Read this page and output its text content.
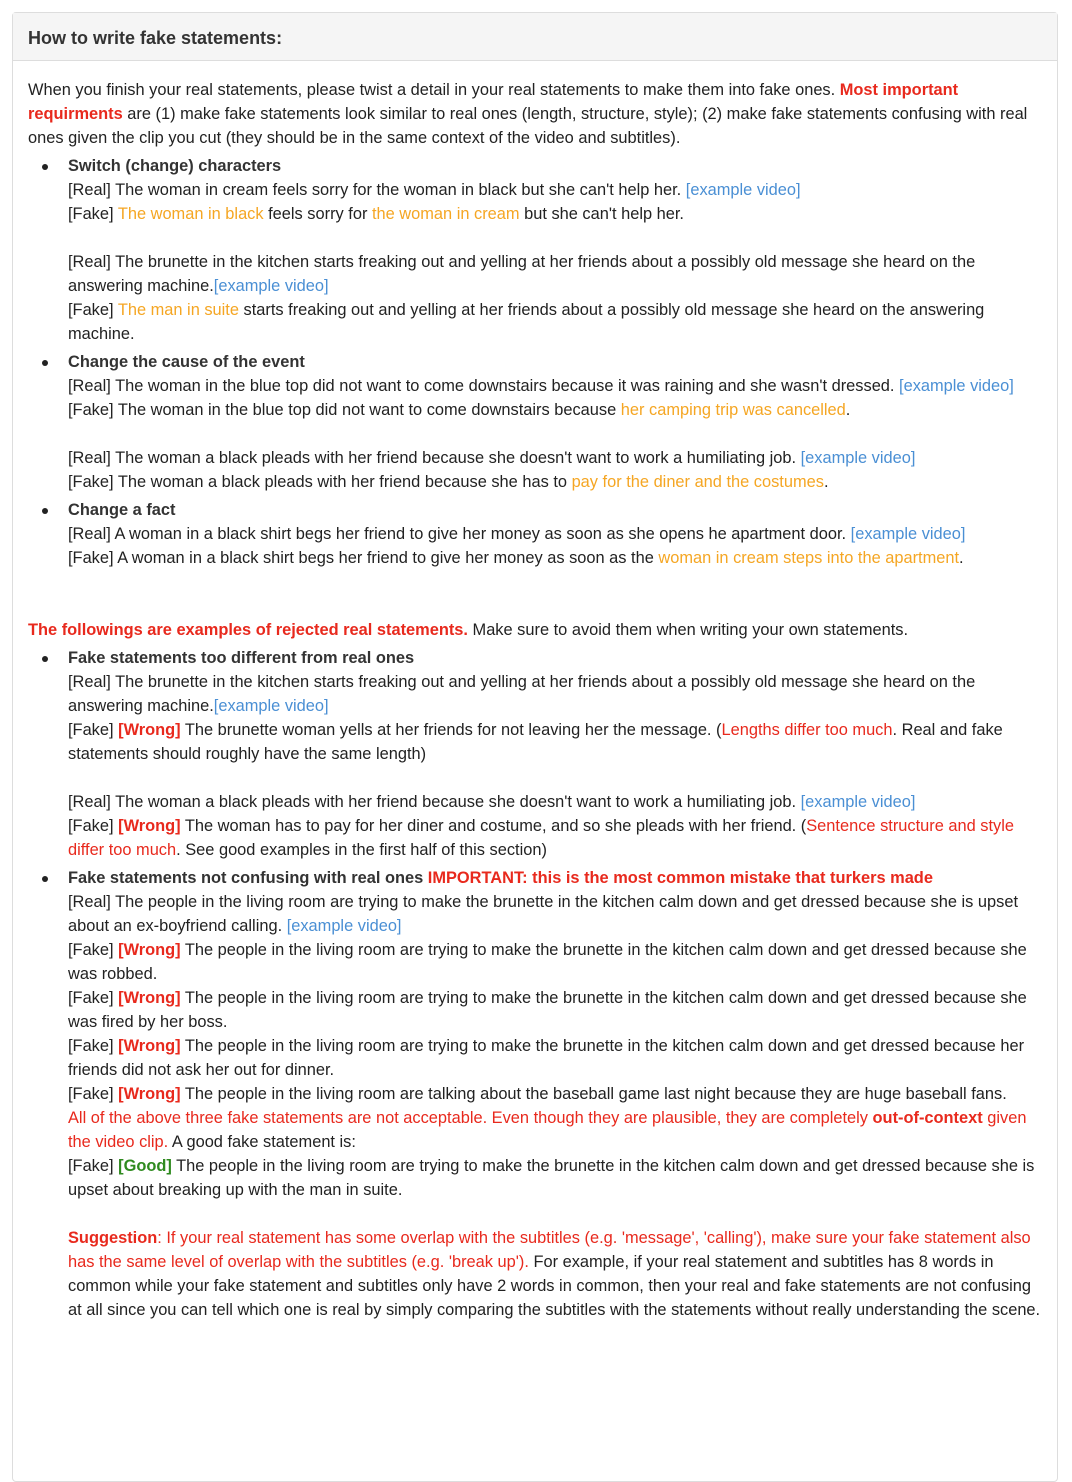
How to write fake statements:

When you finish your real statements, please twist a detail in your real statements to make them into fake ones. Most important requirments are (1) make fake statements look similar to real ones (length, structure, style); (2) make fake statements confusing with real ones given the clip you cut (they should be in the same context of the video and subtitles).

Switch (change) characters
[Real] The woman in cream feels sorry for the woman in black but she can't help her. [example video]
[Fake] The woman in black feels sorry for the woman in cream but she can't help her.
[Real] The brunette in the kitchen starts freaking out and yelling at her friends about a possibly old message she heard on the answering machine.[example video]
[Fake] The man in suite starts freaking out and yelling at her friends about a possibly old message she heard on the answering machine.
Change the cause of the event
[Real] The woman in the blue top did not want to come downstairs because it was raining and she wasn't dressed. [example video]
[Fake] The woman in the blue top did not want to come downstairs because her camping trip was cancelled.
[Real] The woman a black pleads with her friend because she doesn't want to work a humiliating job. [example video]
[Fake] The woman a black pleads with her friend because she has to pay for the diner and the costumes.
Change a fact
[Real] A woman in a black shirt begs her friend to give her money as soon as she opens he apartment door. [example video]
[Fake] A woman in a black shirt begs her friend to give her money as soon as the woman in cream steps into the apartment.

The followings are examples of rejected real statements. Make sure to avoid them when writing your own statements.

Fake statements too different from real ones
[Real] The brunette in the kitchen starts freaking out and yelling at her friends about a possibly old message she heard on the answering machine.[example video]
[Fake] [Wrong] The brunette woman yells at her friends for not leaving her the message. (Lengths differ too much. Real and fake statements should roughly have the same length)
[Real] The woman a black pleads with her friend because she doesn't want to work a humiliating job. [example video]
[Fake] [Wrong] The woman has to pay for her diner and costume, and so she pleads with her friend. (Sentence structure and style differ too much. See good examples in the first half of this section)
Fake statements not confusing with real ones IMPORTANT: this is the most common mistake that turkers made
[Real] The people in the living room are trying to make the brunette in the kitchen calm down and get dressed because she is upset about an ex-boyfriend calling. [example video]
[Fake] [Wrong] The people in the living room are trying to make the brunette in the kitchen calm down and get dressed because she was robbed.
[Fake] [Wrong] The people in the living room are trying to make the brunette in the kitchen calm down and get dressed because she was fired by her boss.
[Fake] [Wrong] The people in the living room are trying to make the brunette in the kitchen calm down and get dressed because her friends did not ask her out for dinner.
[Fake] [Wrong] The people in the living room are talking about the baseball game last night because they are huge baseball fans.
All of the above three fake statements are not acceptable. Even though they are plausible, they are completely out-of-context given the video clip. A good fake statement is:
[Fake] [Good] The people in the living room are trying to make the brunette in the kitchen calm down and get dressed because she is upset about breaking up with the man in suite.
Suggestion: If your real statement has some overlap with the subtitles (e.g. 'message', 'calling'), make sure your fake statement also has the same level of overlap with the subtitles (e.g. 'break up'). For example, if your real statement and subtitles has 8 words in common while your fake statement and subtitles only have 2 words in common, then your real and fake statements are not confusing at all since you can tell which one is real by simply comparing the subtitles with the statements without really understanding the scene.
